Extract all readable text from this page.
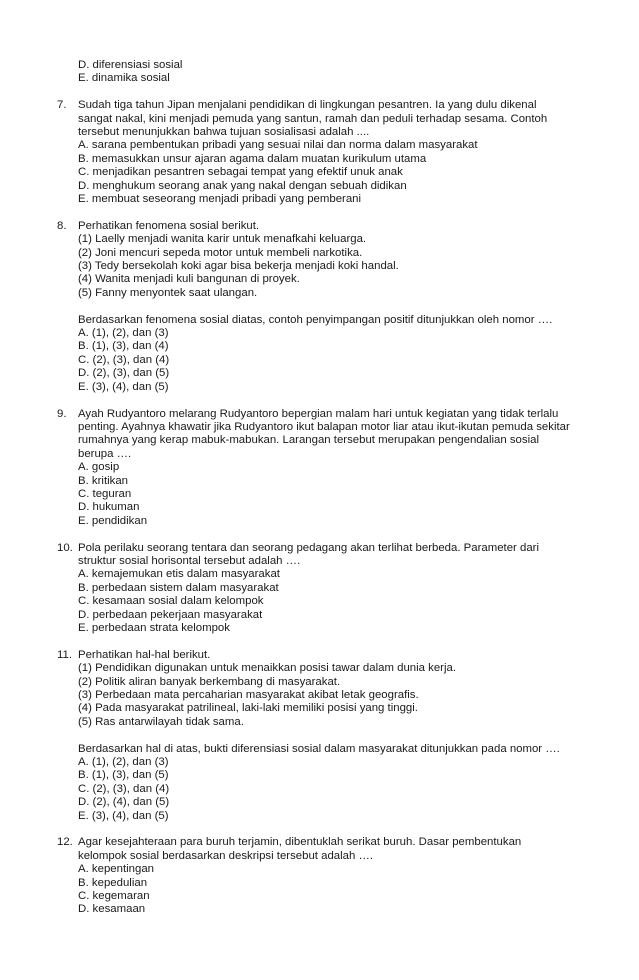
D. diferensiasi sosial
E. dinamika sosial
7. Sudah tiga tahun Jipan menjalani pendidikan di lingkungan pesantren. Ia yang dulu dikenal
sangat nakal, kini menjadi pemuda yang santun, ramah dan peduli terhadap sesama. Contoh
tersebut menunjukkan bahwa tujuan sosialisasi adalah ....
A. sarana pembentukan pribadi yang sesuai nilai dan norma dalam masyarakat
B. memasukkan unsur ajaran agama dalam muatan kurikulum utama
C. menjadikan pesantren sebagai tempat yang efektif unuk anak
D. menghukum seorang anak yang nakal dengan sebuah didikan
E. membuat seseorang menjadi pribadi yang pemberani
8. Perhatikan fenomena sosial berikut.
(1) Laelly menjadi wanita karir untuk menafkahi keluarga.
(2) Joni mencuri sepeda motor untuk membeli narkotika.
(3) Tedy bersekolah koki agar bisa bekerja menjadi koki handal.
(4) Wanita menjadi kuli bangunan di proyek.
(5) Fanny menyontek saat ulangan.
Berdasarkan fenomena sosial diatas, contoh penyimpangan positif ditunjukkan oleh nomor ….
A. (1), (2), dan (3)
B. (1), (3), dan (4)
C. (2), (3), dan (4)
D. (2), (3), dan (5)
E. (3), (4), dan (5)
9. Ayah Rudyantoro melarang Rudyantoro bepergian malam hari untuk kegiatan yang tidak terlalu
penting. Ayahnya khawatir jika Rudyantoro ikut balapan motor liar atau ikut-ikutan pemuda sekitar
rumahnya yang kerap mabuk-mabukan. Larangan tersebut merupakan pengendalian sosial
berupa ….
A. gosip
B. kritikan
C. teguran
D. hukuman
E. pendidikan
10. Pola perilaku seorang tentara dan seorang pedagang akan terlihat berbeda. Parameter dari
struktur sosial horisontal tersebut adalah ….
A. kemajemukan etis dalam masyarakat
B. perbedaan sistem dalam masyarakat
C. kesamaan sosial dalam kelompok
D. perbedaan pekerjaan masyarakat
E. perbedaan strata kelompok
11. Perhatikan hal-hal berikut.
(1) Pendidikan digunakan untuk menaikkan posisi tawar dalam dunia kerja.
(2) Politik aliran banyak berkembang di masyarakat.
(3) Perbedaan mata percaharian masyarakat akibat letak geografis.
(4) Pada masyarakat patrilineal, laki-laki memiliki posisi yang tinggi.
(5) Ras antarwilayah tidak sama.
Berdasarkan hal di atas, bukti diferensiasi sosial dalam masyarakat ditunjukkan pada nomor ….
A. (1), (2), dan (3)
B. (1), (3), dan (5)
C. (2), (3), dan (4)
D. (2), (4), dan (5)
E. (3), (4), dan (5)
12. Agar kesejahteraan para buruh terjamin, dibentuklah serikat buruh. Dasar pembentukan
kelompok sosial berdasarkan deskripsi tersebut adalah ….
A. kepentingan
B. kepedulian
C. kegemaran
D. kesamaan
